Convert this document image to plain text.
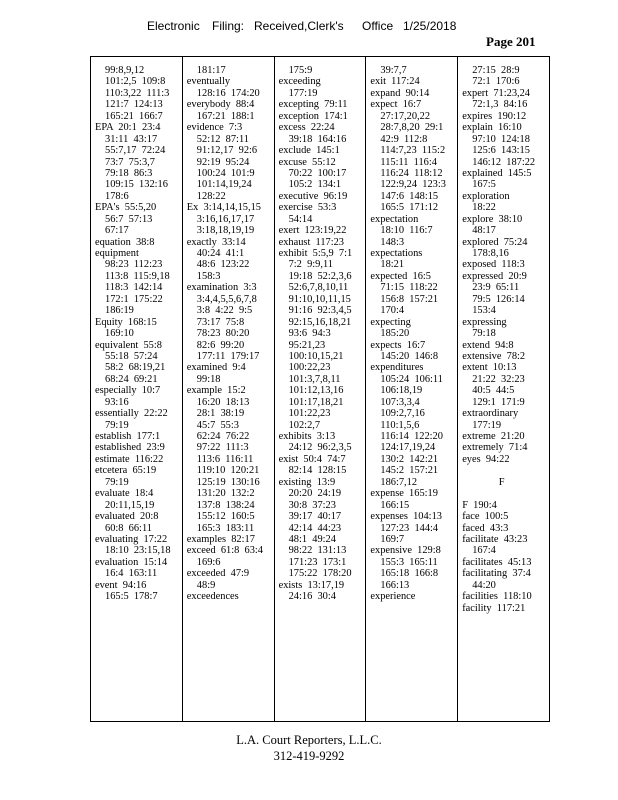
Electronic Filing: Received,Clerk's Office 1/25/2018
Page 201
99:8,9,12
101:2,5  109:8
110:3,22  111:3
121:7  124:13
165:21  166:7
EPA  20:1  23:4
31:11  43:17
55:7,17  72:24
73:7  75:3,7
79:18  86:3
109:15  132:16
178:6
EPA's  55:5,20
56:7  57:13
67:17
equation  38:8
equipment
98:23  112:23
113:8  115:9,18
118:3  142:14
172:1  175:22
186:19
Equity  168:15
169:10
equivalent  55:8
55:18  57:24
58:2  68:19,21
68:24  69:21
especially  10:7
93:16
essentially  22:22
79:19
establish  177:1
established  23:9
estimate  116:22
etcetera  65:19
79:19
evaluate  18:4
20:11,15,19
evaluated  20:8
60:8  66:11
evaluating  17:22
18:10  23:15,18
evaluation  15:14
16:4  163:11
event  94:16
165:5  178:7
181:17
eventually
128:16  174:20
everybody  88:4
167:21  188:1
evidence  7:3
52:12  87:11
91:12,17  92:6
92:19  95:24
100:24  101:9
101:14,19,24
128:22
Ex  3:14,14,15,15
3:16,16,17,17
3:18,18,19,19
exactly  33:14
40:24  41:1
48:6  123:22
158:3
examination  3:3
3:4,4,5,5,6,7,8
3:8  4:22  9:5
73:17  75:8
78:23  80:20
82:6  99:20
177:11  179:17
examined  9:4
99:18
example  15:2
16:20  18:13
28:1  38:19
45:7  55:3
62:24  76:22
97:22  111:3
113:6  116:11
119:10  120:21
125:19  130:16
131:20  132:2
137:8  138:24
155:12  160:5
165:3  183:11
examples  82:17
exceed  61:8  63:4
169:6
exceeded  47:9
48:9
exceedences
175:9
exceeding
177:19
excepting  79:11
exception  174:1
excess  22:24
39:18  164:16
exclude  145:1
excuse  55:12
70:22  100:17
105:2  134:1
executive  96:19
exercise  53:3
54:14
exert  123:19,22
exhaust  117:23
exhibit  5:5,9  7:1
7:2  9:9,11
19:18  52:2,3,6
52:6,7,8,10,11
91:10,10,11,15
91:16  92:3,4,5
92:15,16,18,21
93:6  94:3
95:21,23
100:10,15,21
100:22,23
101:3,7,8,11
101:12,13,16
101:17,18,21
101:22,23
102:2,7
exhibits  3:13
24:12  96:2,3,5
exist  50:4  74:7
82:14  128:15
existing  13:9
20:20  24:19
30:8  37:23
39:17  40:17
42:14  44:23
48:1  49:24
98:22  131:13
171:23  173:1
175:22  178:20
exists  13:17,19
24:16  30:4
39:7,7
exit  117:24
expand  90:14
expect  16:7
27:17,20,22
28:7,8,20  29:1
42:9  112:8
114:7,23  115:2
115:11  116:4
116:24  118:12
122:9,24  123:3
147:6  148:15
165:5  171:12
expectation
18:10  116:7
148:3
expectations
18:21
expected  16:5
71:15  118:22
156:8  157:21
170:4
expecting
185:20
expects  16:7
145:20  146:8
expenditures
105:24  106:11
106:18,19
107:3,3,4
109:2,7,16
110:1,5,6
116:14  122:20
124:17,19,24
130:2  142:21
145:2  157:21
186:7,12
expense  165:19
166:15
expenses  104:13
127:23  144:4
169:7
expensive  129:8
155:3  165:11
165:18  166:8
166:13
experience
27:15  28:9
72:1  170:6
expert  71:23,24
72:1,3  84:16
expires  190:12
explain  16:10
97:10  124:18
125:6  143:15
146:12  187:22
explained  145:5
167:5
exploration
18:22
explore  38:10
48:17
explored  75:24
178:8,16
exposed  118:3
expressed  20:9
23:9  65:11
79:5  126:14
153:4
expressing
79:18
extend  94:8
extensive  78:2
extent  10:13
21:22  32:23
40:5  44:5
129:1  171:9
extraordinary
177:19
extreme  21:20
extremely  71:4
eyes  94:22
F
F  190:4
face  100:5
faced  43:3
facilitate  43:23
167:4
facilitates  45:13
facilitating  37:4
44:20
facilities  118:10
facility  117:21
L.A. Court Reporters, L.L.C.
312-419-9292
